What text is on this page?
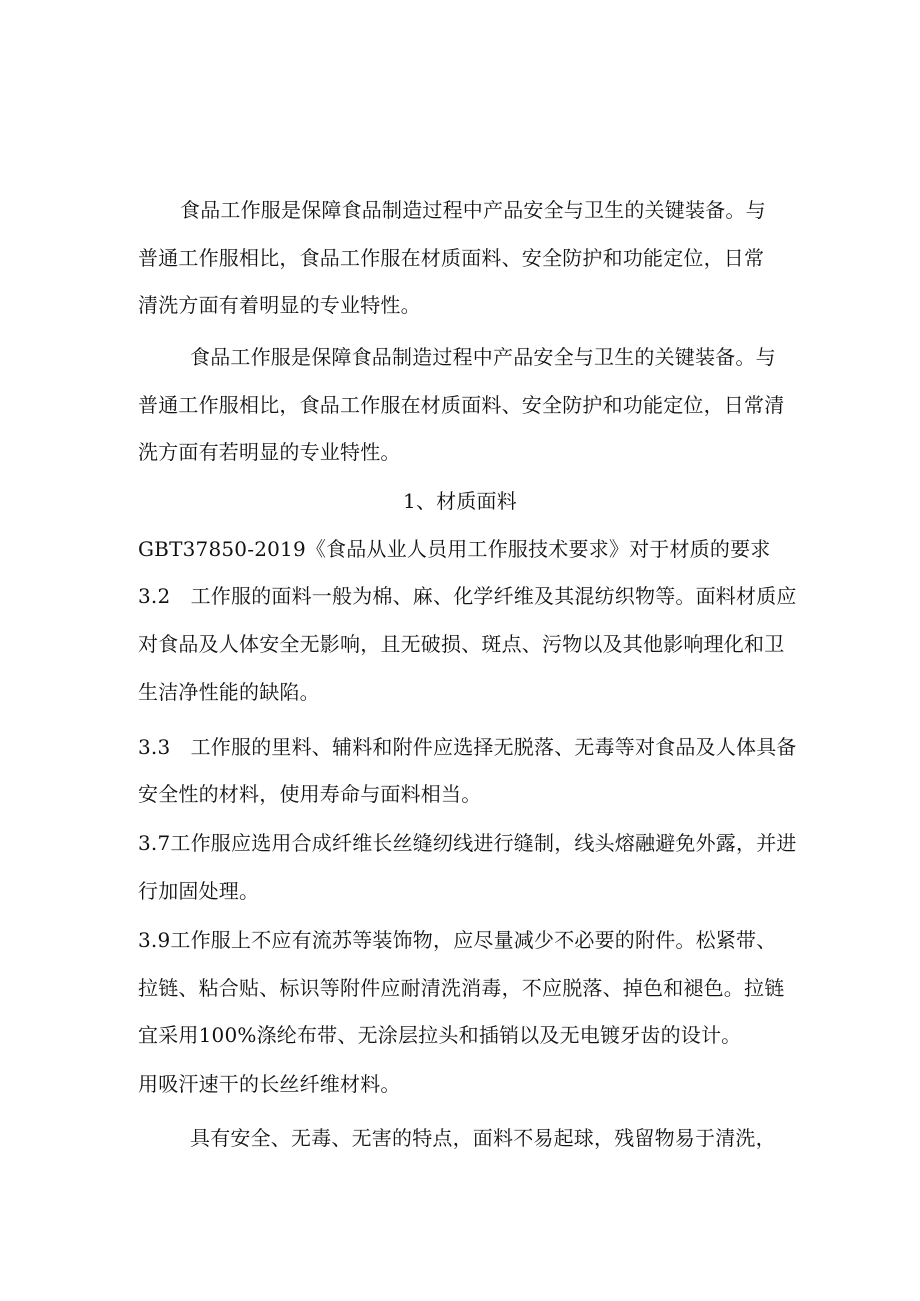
食品工作服是保障食品制造过程中产品安全与卫生的关键装备。与
普通工作服相比，食品工作服在材质面料、安全防护和功能定位，日常
清洗方面有着明显的专业特性。
食品工作服是保障食品制造过程中产品安全与卫生的关键装备。与
普通工作服相比，食品工作服在材质面料、安全防护和功能定位，日常清
洗方面有若明显的专业特性。
1、材质面料
GBT37850-2019《食品从业人员用工作服技术要求》对于材质的要求
3.2　工作服的面料一般为棉、麻、化学纤维及其混纺织物等。面料材质应
对食品及人体安全无影响，且无破损、斑点、污物以及其他影响理化和卫
生洁净性能的缺陷。
3.3　工作服的里料、辅料和附件应选择无脱落、无毒等对食品及人体具备
安全性的材料，使用寿命与面料相当。
3.7工作服应选用合成纤维长丝缝纫线进行缝制，线头熔融避免外露，并进
行加固处理。
3.9工作服上不应有流苏等装饰物，应尽量减少不必要的附件。松紧带、
拉链、粘合贴、标识等附件应耐清洗消毒，不应脱落、掉色和褪色。拉链
宜采用100%涤纶布带、无涂层拉头和插销以及无电镀牙齿的设计。
用吸汗速干的长丝纤维材料。
具有安全、无毒、无害的特点，面料不易起球，残留物易于清洗，
